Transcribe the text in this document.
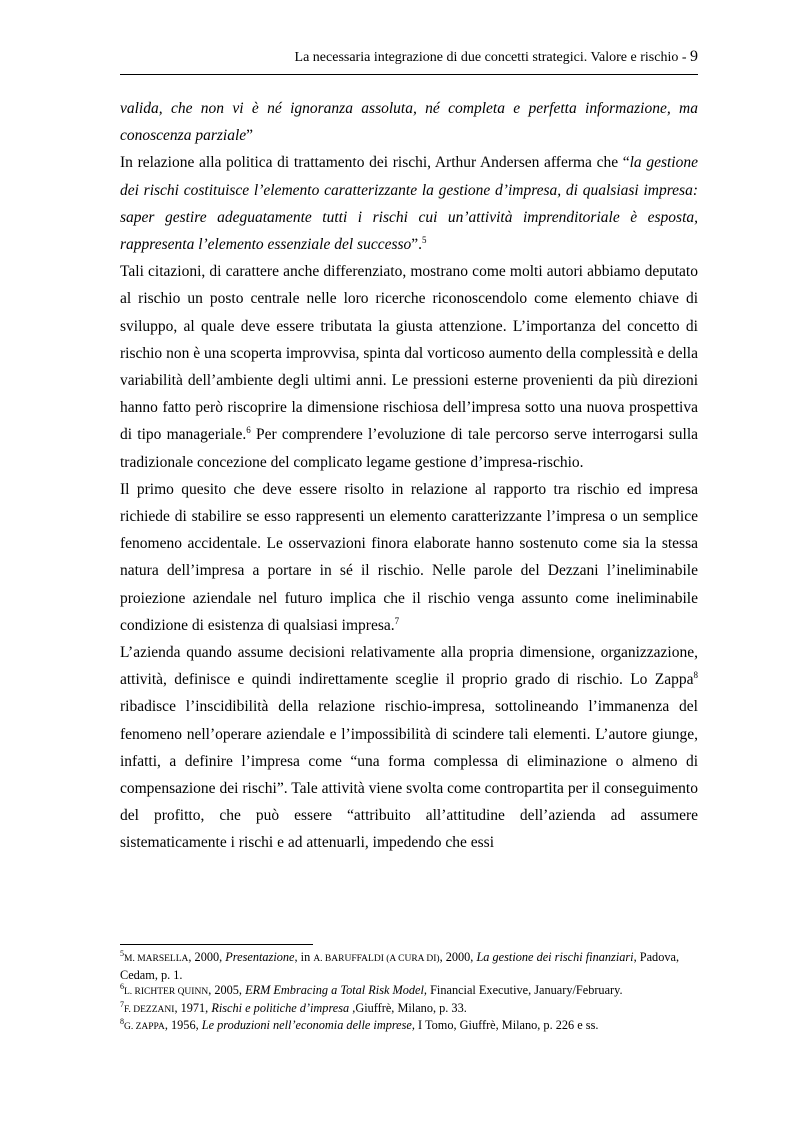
La necessaria integrazione di due concetti strategici. Valore e rischio - 9

valida, che non vi è né ignoranza assoluta, né completa e perfetta informazione, ma conoscenza parziale”

In relazione alla politica di trattamento dei rischi, Arthur Andersen afferma che “la gestione dei rischi costituisce l’elemento caratterizzante la gestione d’impresa, di qualsiasi impresa: saper gestire adeguatamente tutti i rischi cui un’attività imprenditoriale è esposta, rappresenta l’elemento essenziale del successo”.$^5$

Tali citazioni, di carattere anche differenziato, mostrano come molti autori abbiamo deputato al rischio un posto centrale nelle loro ricerche riconoscendolo come elemento chiave di sviluppo, al quale deve essere tributata la giusta attenzione. L’importanza del concetto di rischio non è una scoperta improvvisa, spinta dal vorticoso aumento della complessità e della variabilità dell’ambiente degli ultimi anni. Le pressioni esterne provenienti da più direzioni hanno fatto però riscoprire la dimensione rischiosa dell’impresa sotto una nuova prospettiva di tipo manageriale.$^6$ Per comprendere l’evoluzione di tale percorso serve interrogarsi sulla tradizionale concezione del complicato legame gestione d’impresa-rischio.

Il primo quesito che deve essere risolto in relazione al rapporto tra rischio ed impresa richiede di stabilire se esso rappresenti un elemento caratterizzante l’impresa o un semplice fenomeno accidentale. Le osservazioni finora elaborate hanno sostenuto come sia la stessa natura dell’impresa a portare in sé il rischio. Nelle parole del Dezzani l’ineliminabile proiezione aziendale nel futuro implica che il rischio venga assunto come ineliminabile condizione di esistenza di qualsiasi impresa.$^7$

L’azienda quando assume decisioni relativamente alla propria dimensione, organizzazione, attività, definisce e quindi indirettamente sceglie il proprio grado di rischio. Lo Zappa$^8$ ribadisce l’inscidibilità della relazione rischio-impresa, sottolineando l’immanenza del fenomeno nell’operare aziendale e l’impossibilità di scindere tali elementi. L’autore giunge, infatti, a definire l’impresa come “una forma complessa di eliminazione o almeno di compensazione dei rischi”. Tale attività viene svolta come contropartita per il conseguimento del profitto, che può essere “attribuito all’attitudine dell’azienda ad assumere sistematicamente i rischi e ad attenuarli, impedendo che essi

$^5$M. MARSELLA, 2000, Presentazione, in A. BARUFFALDI (A CURA DI), 2000, La gestione dei rischi finanziari, Padova, Cedam, p. 1.

$^6$L. RICHTER QUINN, 2005, ERM Embracing a Total Risk Model, Financial Executive, January/February.

$^7$F. DEZZANI, 1971, Rischi e politiche d’impresa ,Giuffrè, Milano, p. 33.

$^8$G. ZAPPA, 1956, Le produzioni nell’economia delle imprese, I Tomo, Giuffrè, Milano, p. 226 e ss.
